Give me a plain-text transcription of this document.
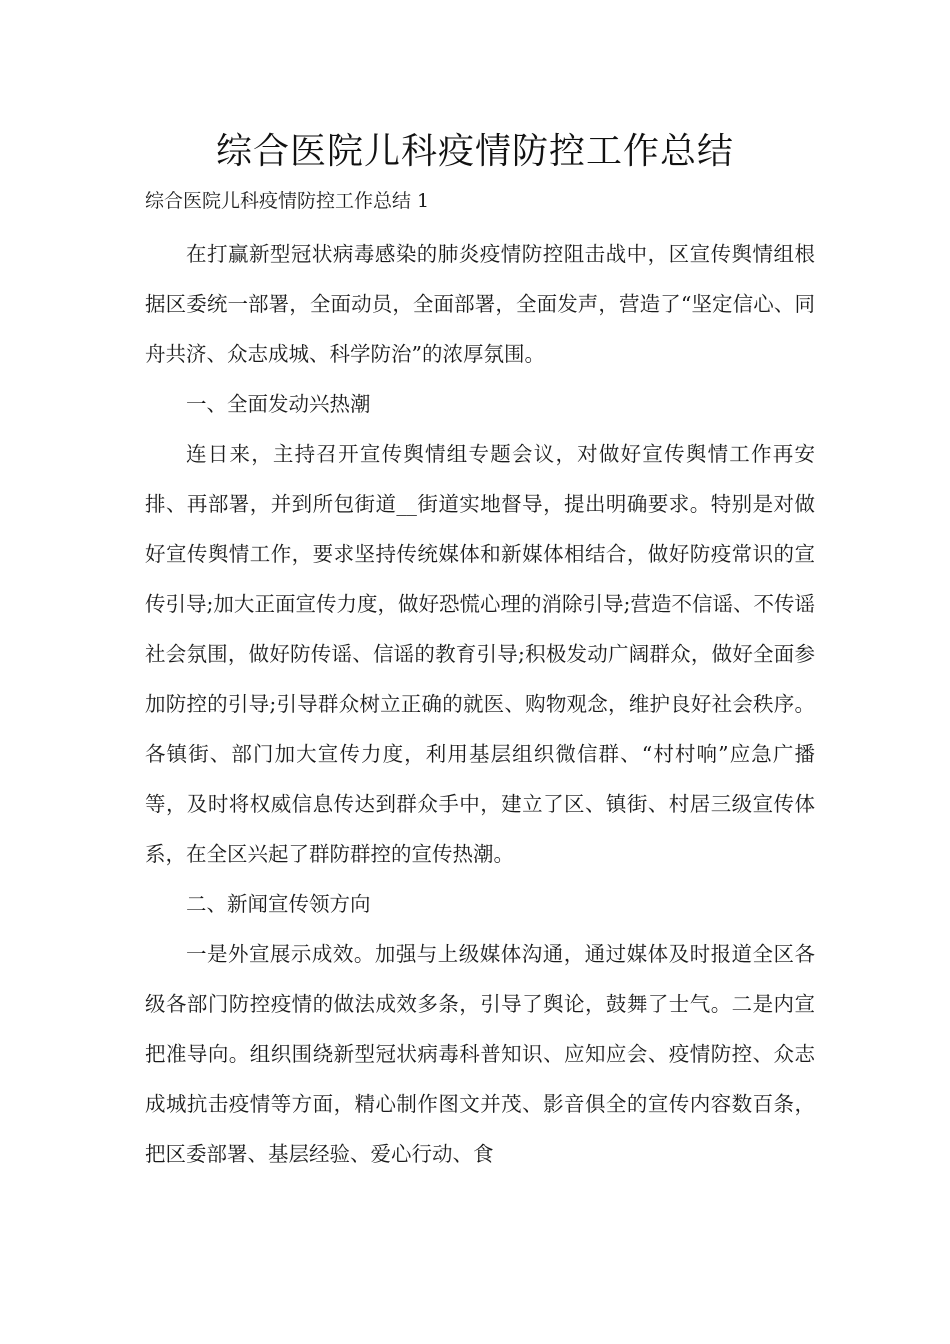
综合医院儿科疫情防控工作总结

综合医院儿科疫情防控工作总结 1

在打赢新型冠状病毒感染的肺炎疫情防控阻击战中，区宣传舆情组根据区委统一部署，全面动员，全面部署，全面发声，营造了“坚定信心、同舟共济、众志成城、科学防治”的浓厚氛围。

一、全面发动兴热潮

连日来，主持召开宣传舆情组专题会议，对做好宣传舆情工作再安排、再部署，并到所包街道__街道实地督导，提出明确要求。特别是对做好宣传舆情工作，要求坚持传统媒体和新媒体相结合，做好防疫常识的宣传引导;加大正面宣传力度，做好恐慌心理的消除引导;营造不信谣、不传谣社会氛围，做好防传谣、信谣的教育引导;积极发动广阔群众，做好全面参加防控的引导;引导群众树立正确的就医、购物观念，维护良好社会秩序。各镇街、部门加大宣传力度，利用基层组织微信群、“村村响”应急广播等，及时将权威信息传达到群众手中，建立了区、镇街、村居三级宣传体系，在全区兴起了群防群控的宣传热潮。

二、新闻宣传领方向

一是外宣展示成效。加强与上级媒体沟通，通过媒体及时报道全区各级各部门防控疫情的做法成效多条，引导了舆论，鼓舞了士气。二是内宣把准导向。组织围绕新型冠状病毒科普知识、应知应会、疫情防控、众志成城抗击疫情等方面，精心制作图文并茂、影音俱全的宣传内容数百条，把区委部署、基层经验、爱心行动、食
